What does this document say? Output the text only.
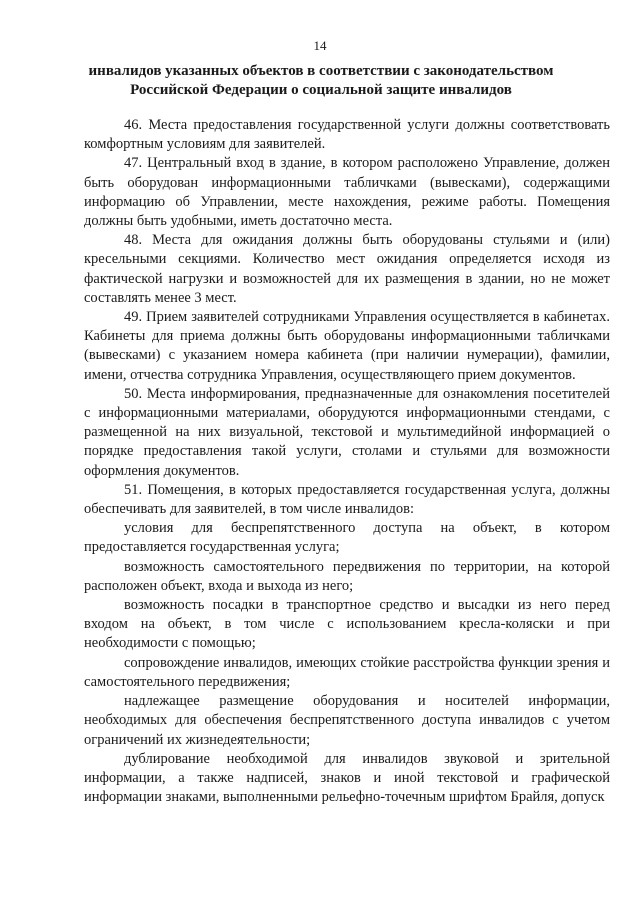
14
инвалидов указанных объектов в соответствии с законодательством
Российской Федерации о социальной защите инвалидов

46. Места предоставления государственной услуги должны соответствовать комфортным условиям для заявителей.

47. Центральный вход в здание, в котором расположено Управление, должен быть оборудован информационными табличками (вывесками), содержащими информацию об Управлении, месте нахождения, режиме работы. Помещения должны быть удобными, иметь достаточно места.

48. Места для ожидания должны быть оборудованы стульями и (или) кресельными секциями. Количество мест ожидания определяется исходя из фактической нагрузки и возможностей для их размещения в здании, но не может составлять менее 3 мест.

49. Прием заявителей сотрудниками Управления осуществляется в кабинетах. Кабинеты для приема должны быть оборудованы информационными табличками (вывесками) с указанием номера кабинета (при наличии нумерации), фамилии, имени, отчества сотрудника Управления, осуществляющего прием документов.

50. Места информирования, предназначенные для ознакомления посетителей с информационными материалами, оборудуются информационными стендами, с размещенной на них визуальной, текстовой и мультимедийной информацией о порядке предоставления такой услуги, столами и стульями для возможности оформления документов.

51. Помещения, в которых предоставляется государственная услуга, должны обеспечивать для заявителей, в том числе инвалидов:

условия для беспрепятственного доступа на объект, в котором предоставляется государственная услуга;

возможность самостоятельного передвижения по территории, на которой расположен объект, входа и выхода из него;

возможность посадки в транспортное средство и высадки из него перед входом на объект, в том числе с использованием кресла-коляски и при необходимости с помощью;

сопровождение инвалидов, имеющих стойкие расстройства функции зрения и самостоятельного передвижения;

надлежащее размещение оборудования и носителей информации, необходимых для обеспечения беспрепятственного доступа инвалидов с учетом ограничений их жизнедеятельности;

дублирование необходимой для инвалидов звуковой и зрительной информации, а также надписей, знаков и иной текстовой и графической информации знаками, выполненными рельефно-точечным шрифтом Брайля, допуск
